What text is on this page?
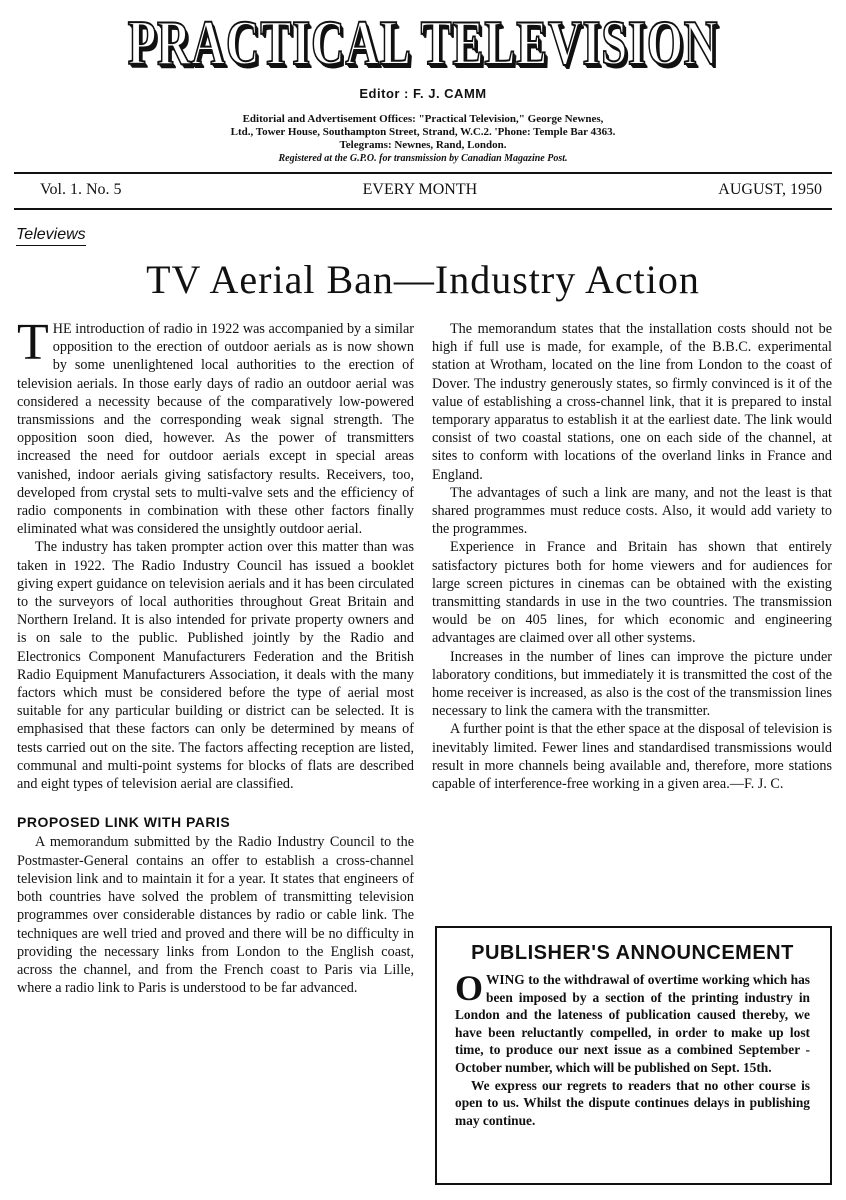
PRACTICAL TELEVISION
Editor : F. J. CAMM
Editorial and Advertisement Offices: "Practical Television," George Newnes,
Ltd., Tower House, Southampton Street, Strand, W.C.2. 'Phone: Temple Bar 4363.
Telegrams: Newnes, Rand, London.
Registered at the G.P.O. for transmission by Canadian Magazine Post.
Vol. 1. No. 5	EVERY MONTH	AUGUST, 1950
Televiews
TV Aerial Ban—Industry Action

THE introduction of radio in 1922 was accompanied by a similar opposition to the erection of outdoor aerials as is now shown by some unenlightened local authorities to the erection of television aerials. In those early days of radio an outdoor aerial was considered a necessity because of the comparatively low-powered transmissions and the corresponding weak signal strength. The opposition soon died, however. As the power of transmitters increased the need for outdoor aerials except in special areas vanished, indoor aerials giving satisfactory results. Receivers, too, developed from crystal sets to multi-valve sets and the efficiency of radio components in combination with these other factors finally eliminated what was considered the unsightly outdoor aerial.

The industry has taken prompter action over this matter than was taken in 1922. The Radio Industry Council has issued a booklet giving expert guidance on television aerials and it has been circulated to the surveyors of local authorities throughout Great Britain and Northern Ireland. It is also intended for private property owners and is on sale to the public. Published jointly by the Radio and Electronics Component Manufacturers Federation and the British Radio Equipment Manufacturers Association, it deals with the many factors which must be considered before the type of aerial most suitable for any particular building or district can be selected. It is emphasised that these factors can only be determined by means of tests carried out on the site. The factors affecting reception are listed, communal and multi-point systems for blocks of flats are described and eight types of television aerial are classified.

PROPOSED LINK WITH PARIS

A memorandum submitted by the Radio Industry Council to the Postmaster-General contains an offer to establish a cross-channel television link and to maintain it for a year. It states that engineers of both countries have solved the problem of transmitting television programmes over considerable distances by radio or cable link. The techniques are well tried and proved and there will be no difficulty in providing the necessary links from London to the English coast, across the channel, and from the French coast to Paris via Lille, where a radio link to Paris is understood to be far advanced.

The memorandum states that the installation costs should not be high if full use is made, for example, of the B.B.C. experimental station at Wrotham, located on the line from London to the coast of Dover. The industry generously states, so firmly convinced is it of the value of establishing a cross-channel link, that it is prepared to instal temporary apparatus to establish it at the earliest date. The link would consist of two coastal stations, one on each side of the channel, at sites to conform with locations of the overland links in France and England.

The advantages of such a link are many, and not the least is that shared programmes must reduce costs. Also, it would add variety to the programmes.

Experience in France and Britain has shown that entirely satisfactory pictures both for home viewers and for audiences for large screen pictures in cinemas can be obtained with the existing transmitting standards in use in the two countries. The transmission would be on 405 lines, for which economic and engineering advantages are claimed over all other systems.

Increases in the number of lines can improve the picture under laboratory conditions, but immediately it is transmitted the cost of the home receiver is increased, as also is the cost of the transmission lines necessary to link the camera with the transmitter.

A further point is that the ether space at the disposal of television is inevitably limited. Fewer lines and standardised transmissions would result in more channels being available and, therefore, more stations capable of interference-free working in a given area.—F. J. C.

PUBLISHER'S ANNOUNCEMENT

OWING to the withdrawal of overtime working which has been imposed by a section of the printing industry in London and the lateness of publication caused thereby, we have been reluctantly compelled, in order to make up lost time, to produce our next issue as a combined September - October number, which will be published on Sept. 15th.

We express our regrets to readers that no other course is open to us. Whilst the dispute continues delays in publishing may continue.
